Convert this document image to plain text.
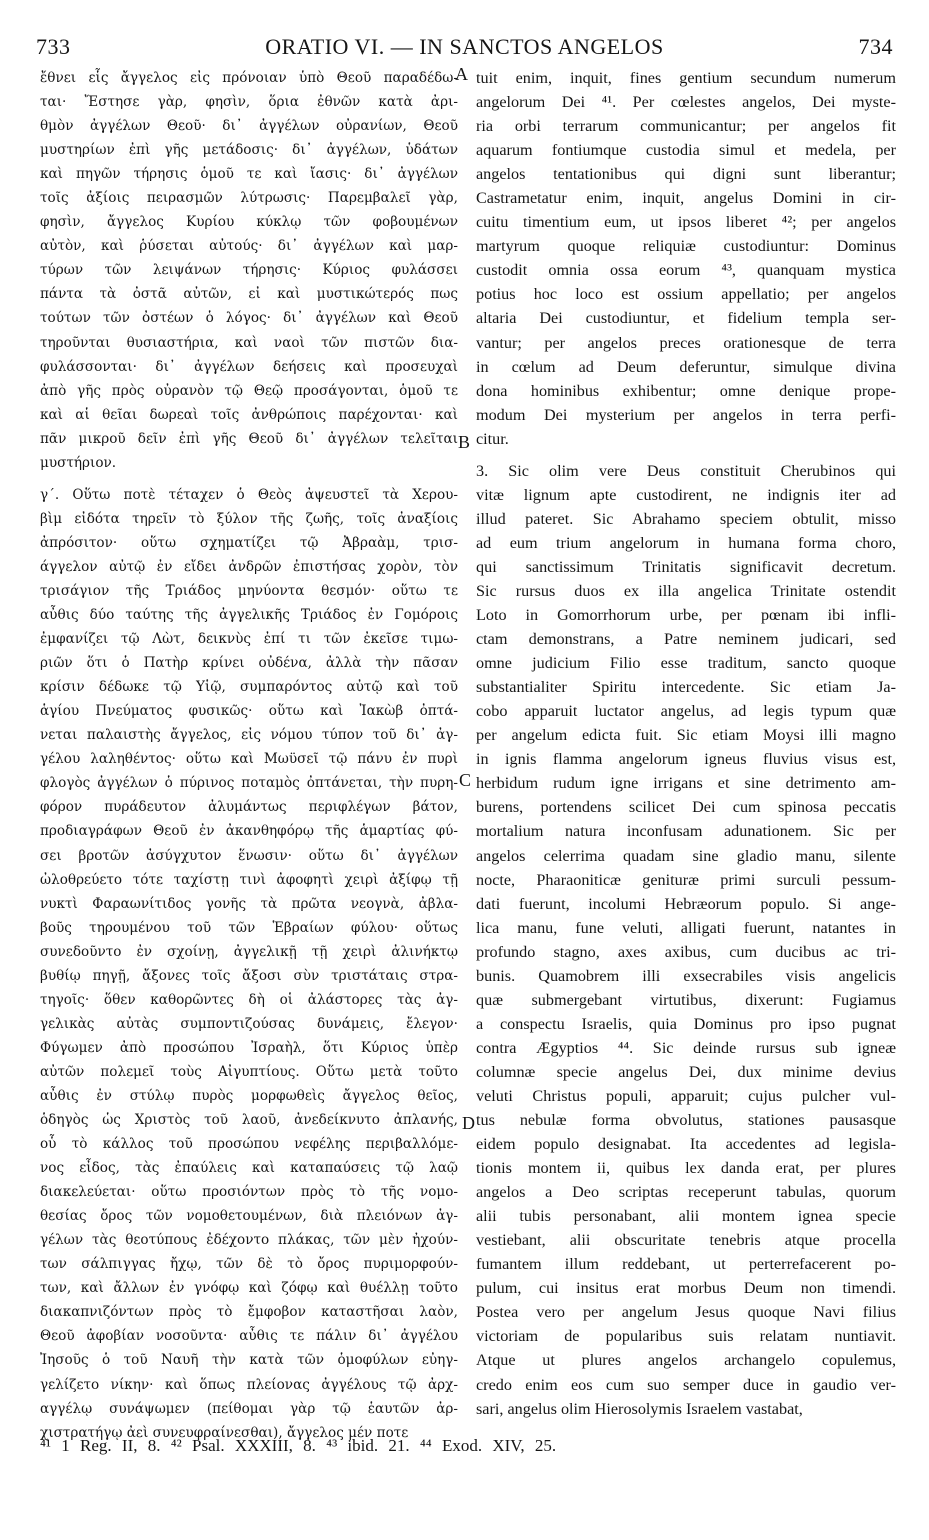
733	ORATIO VI. — IN SANCTOS ANGELOS	734
ἔθνει εἷς ἄγγελος εἰς πρόνοιαν ὑπὸ Θεοῦ παραδέδω-
ται· Ἔστησε γὰρ, φησὶν, ὅρια ἐθνῶν κατὰ ἀρι-
θμὸν ἀγγέλων Θεοῦ· δι᾽ ἀγγέλων οὐρανίων, Θεοῦ
μυστηρίων ἐπὶ γῆς μετάδοσις· δι᾽ ἀγγέλων, ὑδάτων
καὶ πηγῶν τήρησις ὁμοῦ τε καὶ ἴασις· δι᾽ ἀγγέλων
τοῖς ἀξίοις πειρασμῶν λύτρωσις· Παρεμβαλεῖ γὰρ,
φησὶν, ἄγγελος Κυρίου κύκλῳ τῶν φοβουμένων
αὐτὸν, καὶ ῥύσεται αὐτούς· δι᾽ ἀγγέλων καὶ μαρ-
τύρων τῶν λειψάνων τήρησις· Κύριος φυλάσσει
πάντα τὰ ὀστᾶ αὐτῶν, εἰ καὶ μυστικώτερός πως
τούτων τῶν ὀστέων ὁ λόγος· δι᾽ ἀγγέλων καὶ Θεοῦ
τηροῦνται θυσιαστήρια, καὶ ναοὶ τῶν πιστῶν δια-
φυλάσσονται· δι᾽ ἀγγέλων δεήσεις καὶ προσευχαὶ
ἀπὸ γῆς πρὸς οὐρανὸν τῷ Θεῷ προσάγονται, ὁμοῦ τε
καὶ αἱ θεῖαι δωρεαὶ τοῖς ἀνθρώποις παρέχονται· καὶ
πᾶν μικροῦ δεῖν ἐπὶ γῆς Θεοῦ δι᾽ ἀγγέλων τελεῖται
μυστήριον.
γ΄. Οὕτω ποτὲ τέταχεν ὁ Θεὸς ἀψευστεῖ τὰ Χερου-
βὶμ εἰδότα τηρεῖν τὸ ξύλον τῆς ζωῆς, τοῖς ἀναξίοις
ἀπρόσιτον· οὕτω σχηματίζει τῷ Ἀβραὰμ, τρισ-
άγγελον αὐτῷ ἐν εἴδει ἀνδρῶν ἐπιστήσας χορὸν, τὸν
τρισάγιον τῆς Τριάδος μηνύοντα θεσμόν· οὕτω τε
αὖθις δύο ταύτης τῆς ἀγγελικῆς Τριάδος ἐν Γομόροις
ἐμφανίζει τῷ Λὼτ, δεικνὺς ἐπί τι τῶν ἐκεῖσε τιμω-
ριῶν ὅτι ὁ Πατὴρ κρίνει οὐδένα, ἀλλὰ τὴν πᾶσαν
κρίσιν δέδωκε τῷ Υἱῷ, συμπαρόντος αὐτῷ καὶ τοῦ
ἁγίου Πνεύματος φυσικῶς· οὕτω καὶ Ἰακὼβ ὀπτά-
νεται παλαιστὴς ἄγγελος, εἰς νόμου τύπον τοῦ δι᾽ ἀγ-
γέλου λαληθέντος· οὕτω καὶ Μωϋσεῖ τῷ πάνυ ἐν πυρὶ
φλογὸς ἀγγέλων ὁ πύρινος ποταμὸς ὀπτάνεται, τὴν πυρη-
φόρον πυράδευτον ἀλυμάντως περιφλέγων βάτον,
προδιαγράφων Θεοῦ ἐν ἀκανθηφόρῳ τῆς ἁμαρτίας φύ-
σει βροτῶν ἀσύγχυτον ἕνωσιν· οὕτω δι᾽ ἀγγέλων
ὠλοθρεύετο τότε ταχίστῃ τινὶ ἀφοφητὶ χειρὶ ἀξίφῳ τῇ
νυκτὶ Φαραωνίτιδος γονῆς τὰ πρῶτα νεογνὰ, ἀβλα-
βοῦς τηρουμένου τοῦ τῶν Ἑβραίων φύλου· οὕτως
συνεδοῦντο ἐν σχοίνῃ, ἀγγελικῇ τῇ χειρὶ ἀλινήκτῳ
βυθίῳ πηγῇ, ἄξονες τοῖς ἄξοσι σὺν τριστάταις στρα-
τηγοῖς· ὅθεν καθορῶντες δὴ οἱ ἀλάστορες τὰς ἀγ-
γελικὰς αὐτὰς συμποντιζούσας δυνάμεις, ἔλεγον·
Φύγωμεν ἀπὸ προσώπου Ἰσραὴλ, ὅτι Κύριος ὑπὲρ
αὐτῶν πολεμεῖ τοὺς Αἰγυπτίους. Οὕτω μετὰ τοῦτο
αὖθις ἐν στύλῳ πυρὸς μορφωθεὶς ἄγγελος θεῖος,
ὁδηγὸς ὡς Χριστὸς τοῦ λαοῦ, ἀνεδείκνυτο ἀπλανής,
οὗ τὸ κάλλος τοῦ προσώπου νεφέλης περιβαλλόμε-
νος εἶδος, τὰς ἐπαύλεις καὶ καταπαύσεις τῷ λαῷ
διακελεύεται· οὕτω προσιόντων πρὸς τὸ τῆς νομο-
θεσίας ὄρος τῶν νομοθετουμένων, διὰ πλειόνων ἀγ-
γέλων τὰς θεοτύπους ἐδέχοντο πλάκας, τῶν μὲν ἠχούν-
των σάλπιγγας ἤχῳ, τῶν δὲ τὸ ὄρος πυριμορφούν-
των, καὶ ἄλλων ἐν γνόφῳ καὶ ζόφῳ καὶ θυέλλῃ τοῦτο
διακαπνιζόντων πρὸς τὸ ἔμφοβον καταστῆσαι λαὸν,
Θεοῦ ἀφοβίαν νοσοῦντα· αὖθις τε πάλιν δι᾽ ἀγγέλου
Ἰησοῦς ὁ τοῦ Ναυῆ τὴν κατὰ τῶν ὁμοφύλων εὐηγ-
γελίζετο νίκην· καὶ ὅπως πλείονας ἀγγέλους τῷ ἀρχ-
αγγέλῳ συνάψωμεν (πείθομαι γὰρ τῷ ἑαυτῶν ἀρ-
χιστρατήγῳ ἀεὶ συνευφραίνεσθαι), ἄγγελος μέν ποτε
tuit enim, inquit, fines gentium secundum numerum
angelorum Dei ⁴¹. Per cœlestes angelos, Dei myste-
ria orbi terrarum communicantur; per angelos fit
aquarum fontiumque custodia simul et medela, per
angelos tentationibus qui digni sunt liberantur;
Castrametatur enim, inquit, angelus Domini in cir-
cuitu timentium eum, ut ipsos liberet ⁴²; per angelos
martyrum quoque reliquiæ custodiuntur: Dominus
custodit omnia ossa eorum ⁴³, quanquam mystica
potius hoc loco est ossium appellatio; per angelos
altaria Dei custodiuntur, et fidelium templa ser-
vantur; per angelos preces orationesque de terra
in cœlum ad Deum deferuntur, simulque divina
dona hominibus exhibentur; omne denique prope-
modum Dei mysterium per angelos in terra perfi-
citur.
3. Sic olim vere Deus constituit Cherubinos qui
vitæ lignum apte custodirent, ne indignis iter ad
illud pateret. Sic Abrahamo speciem obtulit, misso
ad eum trium angelorum in humana forma choro,
qui sanctissimum Trinitatis significavit decretum.
Sic rursus duos ex illa angelica Trinitate ostendit
Loto in Gomorrhorum urbe, per pœnam ibi infli-
ctam demonstrans, a Patre neminem judicari, sed
omne judicium Filio esse traditum, sancto quoque
substantialiter Spiritu intercedente. Sic etiam Ja-
cobo apparuit luctator angelus, ad legis typum quæ
per angelum edicta fuit. Sic etiam Moysi illi magno
in ignis flamma angelorum igneus fluvius visus est,
herbidum rudum igne irrigans et sine detrimento am-
burens, portendens scilicet Dei cum spinosa peccatis
mortalium natura inconfusam adunationem. Sic per
angelos celerrima quadam sine gladio manu, silente
nocte, Pharaoniticæ genituræ primi surculi pessum-
dati fuerunt, incolumi Hebræorum populo. Si ange-
lica manu, fune veluti, alligati fuerunt, natantes in
profundo stagno, axes axibus, cum ducibus ac tri-
bunis. Quamobrem illi exsecrabiles visis angelicis
quæ submergebant virtutibus, dixerunt: Fugiamus
a conspectu Israelis, quia Dominus pro ipso pugnat
contra Ægyptios ⁴⁴. Sic deinde rursus sub igneæ
columnæ specie angelus Dei, dux minime devius
veluti Christus populi, apparuit; cujus pulcher vul-
tus nebulæ forma obvolutus, stationes pausasque
eidem populo designabat. Ita accedentes ad legisla-
tionis montem ii, quibus lex danda erat, per plures
angelos a Deo scriptas receperunt tabulas, quorum
alii tubis personabant, alii montem ignea specie
vestiebant, alii obscuritate tenebris atque procella
fumantem illum reddebant, ut perterrefacerent po-
pulum, cui insitus erat morbus Deum non timendi.
Postea vero per angelum Jesus quoque Navi filius
victoriam de popularibus suis relatam nuntiavit.
Atque ut plures angelos archangelo copulemus,
credo enim eos cum suo semper duce in gaudio ver-
sari, angelus olim Hierosolymis Israelem vastabat,
A
B
C
D
⁴¹ 1 Reg. II, 8. ⁴² Psal. XXXIII, 8. ⁴³ ibid. 21. ⁴⁴ Exod. XIV, 25.
